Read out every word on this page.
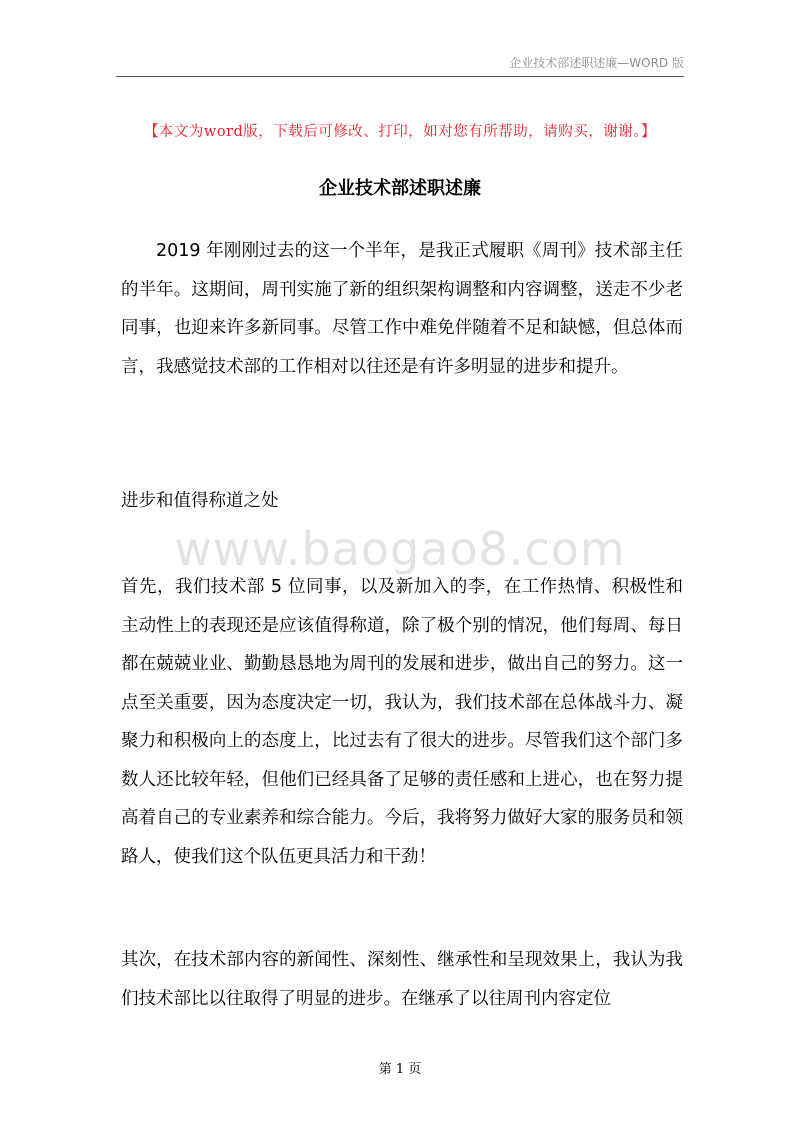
企业技术部述职述廉—WORD 版
【本文为word版，下载后可修改、打印，如对您有所帮助，请购买，谢谢。】
企业技术部述职述廉

2019 年刚刚过去的这一个半年，是我正式履职《周刊》技术部主任的半年。这期间，周刊实施了新的组织架构调整和内容调整，送走不少老同事，也迎来许多新同事。尽管工作中难免伴随着不足和缺憾，但总体而言，我感觉技术部的工作相对以往还是有许多明显的进步和提升。

进步和值得称道之处

www.baogao8.com

首先，我们技术部 5 位同事，以及新加入的李，在工作热情、积极性和主动性上的表现还是应该值得称道，除了极个别的情况，他们每周、每日都在兢兢业业、勤勤恳恳地为周刊的发展和进步，做出自己的努力。这一点至关重要，因为态度决定一切，我认为，我们技术部在总体战斗力、凝聚力和积极向上的态度上，比过去有了很大的进步。尽管我们这个部门多数人还比较年轻，但他们已经具备了足够的责任感和上进心，也在努力提高着自己的专业素养和综合能力。今后，我将努力做好大家的服务员和领路人，使我们这个队伍更具活力和干劲！

其次，在技术部内容的新闻性、深刻性、继承性和呈现效果上，我认为我们技术部比以往取得了明显的进步。在继承了以往周刊内容定位

第 1 页
